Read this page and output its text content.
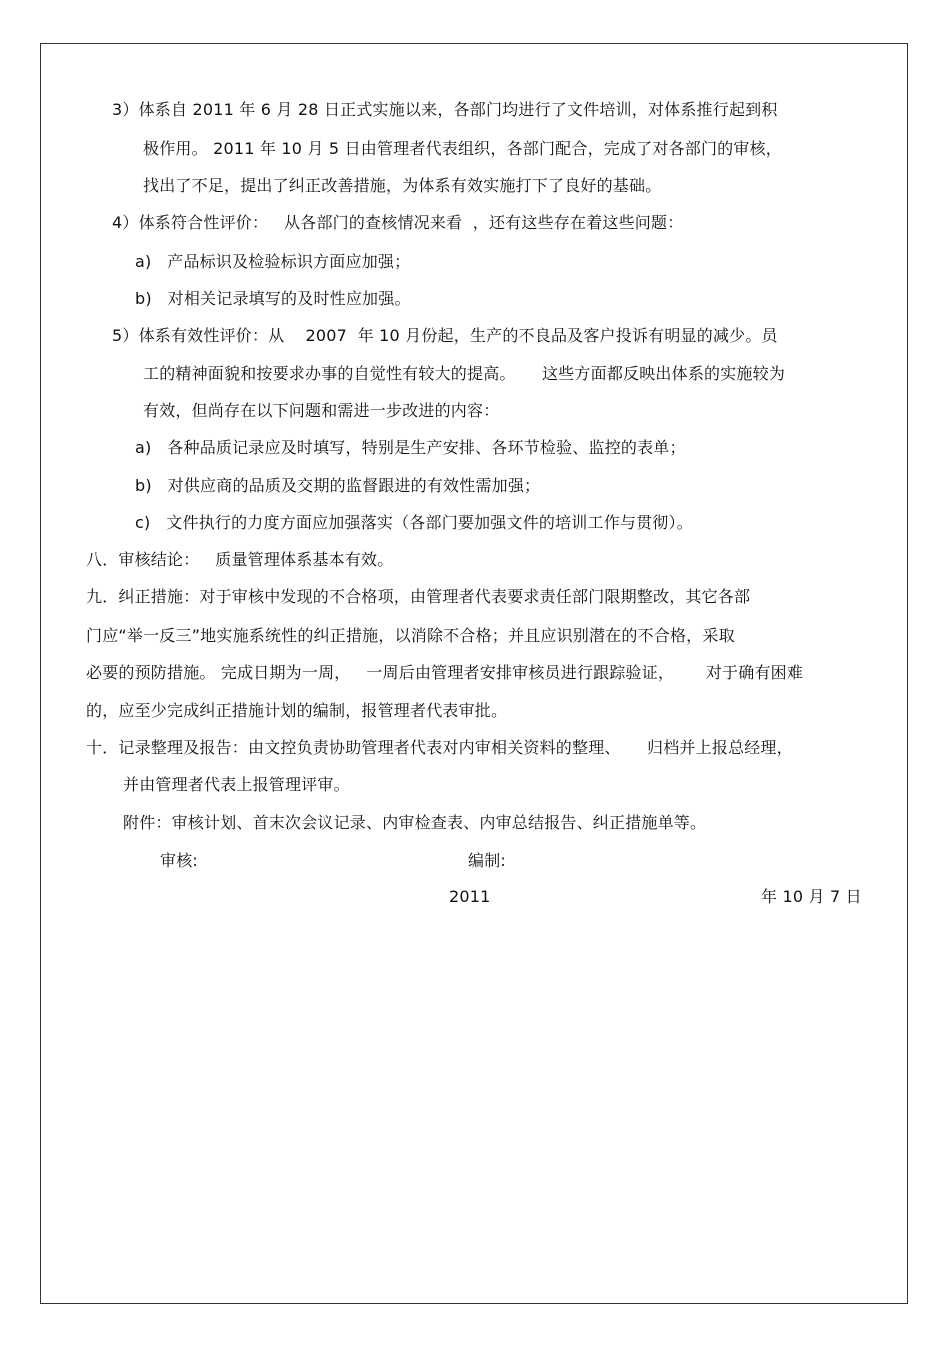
3）体系自 2011 年 6 月 28 日正式实施以来，各部门均进行了文件培训，对体系推行起到积
极作用。 2011 年 10 月 5 日由管理者代表组织，各部门配合，完成了对各部门的审核，
找出了不足，提出了纠正改善措施，为体系有效实施打下了良好的基础。
4）体系符合性评价：   从各部门的查核情况来看  ，还有这些存在着这些问题：
a)   产品标识及检验标识方面应加强；
b)   对相关记录填写的及时性应加强。
5）体系有效性评价：从    2007  年 10 月份起，生产的不良品及客户投诉有明显的减少。员
工的精神面貌和按要求办事的自觉性有较大的提高。     这些方面都反映出体系的实施较为
有效，但尚存在以下问题和需进一步改进的内容：
a)   各种品质记录应及时填写，特别是生产安排、各环节检验、监控的表单；
b)   对供应商的品质及交期的监督跟进的有效性需加强；
c)   文件执行的力度方面应加强落实（各部门要加强文件的培训工作与贯彻）。
八．审核结论：   质量管理体系基本有效。
九．纠正措施：对于审核中发现的不合格项，由管理者代表要求责任部门限期整改，其它各部
门应“举一反三”地实施系统性的纠正措施，以消除不合格；并且应识别潜在的不合格，采取
必要的预防措施。 完成日期为一周，   一周后由管理者安排审核员进行跟踪验证，      对于确有困难
的，应至少完成纠正措施计划的编制，报管理者代表审批。
十．记录整理及报告：由文控负责协助管理者代表对内审相关资料的整理、     归档并上报总经理，
并由管理者代表上报管理评审。
附件：审核计划、首末次会议记录、内审检查表、内审总结报告、纠正措施单等。
审核:	编制:
2011	年 10 月 7 日
